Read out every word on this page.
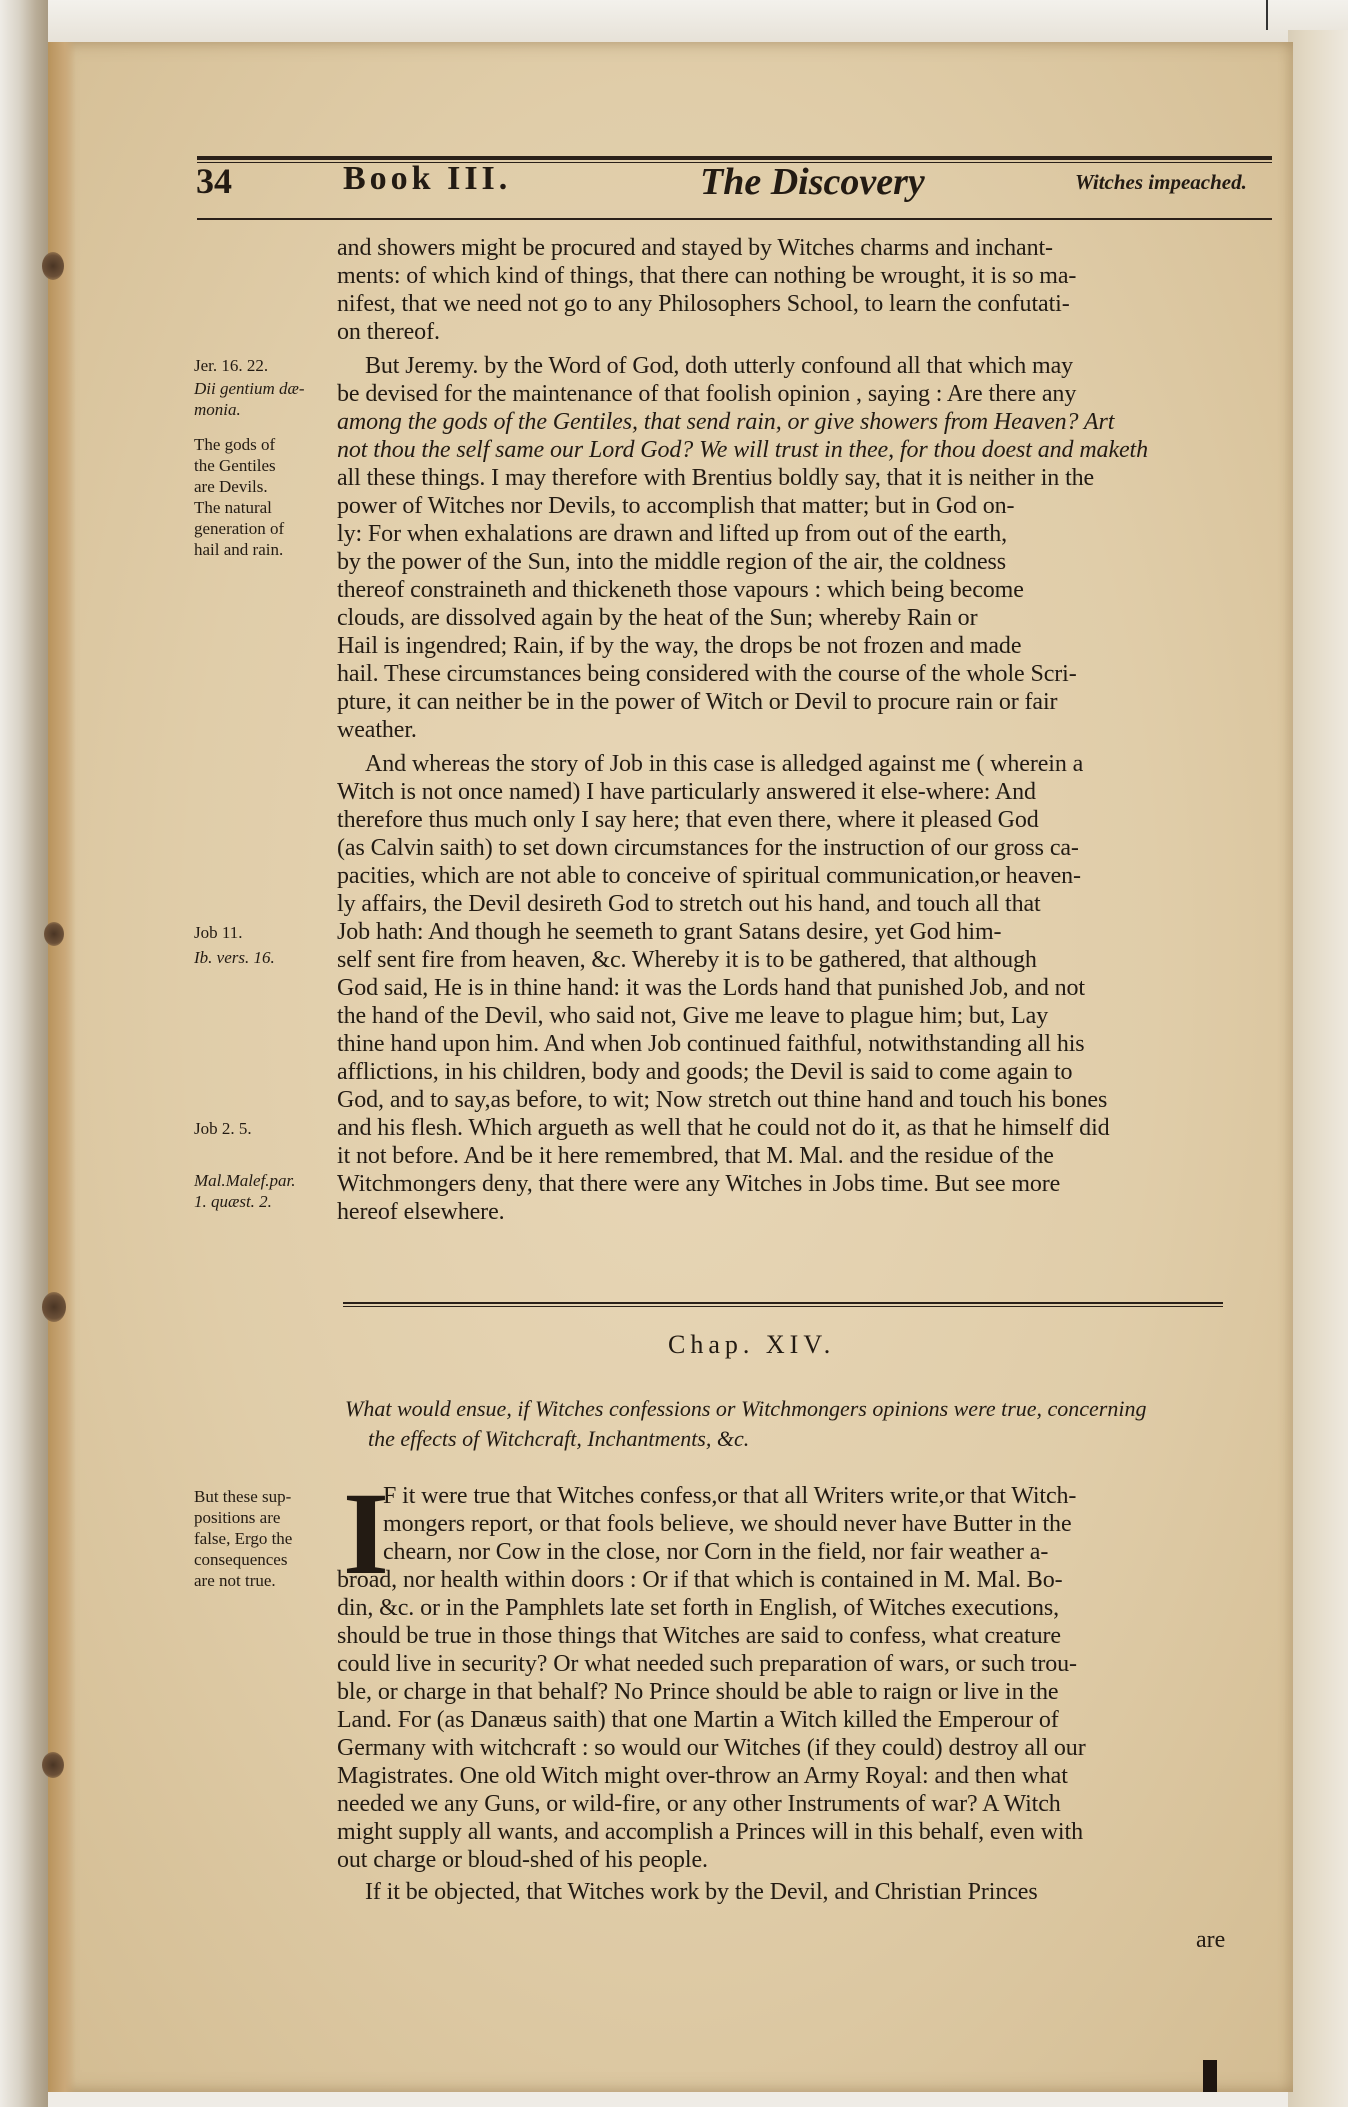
34	Book III.	The Discovery	Witches impeached.
and showers might be procured and stayed by Witches charms and inchant-
ments: of which kind of things, that there can nothing be wrought, it is so ma-
nifest, that we need not go to any Philosophers School, to learn the confutati-
on thereof.
But Jeremy. by the Word of God, doth utterly confound all that which may
be devised for the maintenance of that foolish opinion , saying : Are there any
among the gods of the Gentiles, that send rain, or give showers from Heaven? Art
not thou the self same our Lord God? We will trust in thee, for thou doest and maketh
all these things. I may therefore with Brentius boldly say, that it is neither in the
power of Witches nor Devils, to accomplish that matter; but in God on-
ly: For when exhalations are drawn and lifted up from out of the earth,
by the power of the Sun, into the middle region of the air, the coldness
thereof constraineth and thickeneth those vapours : which being become
clouds, are dissolved again by the heat of the Sun; whereby Rain or
Hail is ingendred; Rain, if by the way, the drops be not frozen and made
hail. These circumstances being considered with the course of the whole Scri-
pture, it can neither be in the power of Witch or Devil to procure rain or fair
weather.
And whereas the story of Job in this case is alledged against me ( wherein a
Witch is not once named) I have particularly answered it else-where: And
therefore thus much only I say here; that even there, where it pleased God
(as Calvin saith) to set down circumstances for the instruction of our gross ca-
pacities, which are not able to conceive of spiritual communication,or heaven-
ly affairs, the Devil desireth God to stretch out his hand, and touch all that
Job hath: And though he seemeth to grant Satans desire, yet God him-
self sent fire from heaven, &c. Whereby it is to be gathered, that although
God said, He is in thine hand: it was the Lords hand that punished Job, and not
the hand of the Devil, who said not, Give me leave to plague him; but, Lay
thine hand upon him. And when Job continued faithful, notwithstanding all his
afflictions, in his children, body and goods; the Devil is said to come again to
God, and to say,as before, to wit; Now stretch out thine hand and touch his bones
and his flesh. Which argueth as well that he could not do it, as that he himself did
it not before. And be it here remembred, that M. Mal. and the residue of the
Witchmongers deny, that there were any Witches in Jobs time. But see more
hereof elsewhere.
Jer. 16. 22.
Dii gentium dæ-
monia.
The gods of
the Gentiles
are Devils.
The natural
generation of
hail and rain.
Job 11.
Ib. vers. 16.
Job 2. 5.
Mal.Malef.par.
1. quæst. 2.
But these sup-
positions are
false, Ergo the
consequences
are not true.
Chap. XIV.
What would ensue, if Witches confessions or Witchmongers opinions were true, concerning
the effects of Witchcraft, Inchantments, &c.
I
F it were true that Witches confess,or that all Writers write,or that Witch-
mongers report, or that fools believe, we should never have Butter in the
chearn, nor Cow in the close, nor Corn in the field, nor fair weather a-
broad, nor health within doors : Or if that which is contained in M. Mal. Bo-
din, &c. or in the Pamphlets late set forth in English, of Witches executions,
should be true in those things that Witches are said to confess, what creature
could live in security? Or what needed such preparation of wars, or such trou-
ble, or charge in that behalf? No Prince should be able to raign or live in the
Land. For (as Danæus saith) that one Martin a Witch killed the Emperour of
Germany with witchcraft : so would our Witches (if they could) destroy all our
Magistrates. One old Witch might over-throw an Army Royal: and then what
needed we any Guns, or wild-fire, or any other Instruments of war? A Witch
might supply all wants, and accomplish a Princes will in this behalf, even with
out charge or bloud-shed of his people.
If it be objected, that Witches work by the Devil, and Christian Princes
are
